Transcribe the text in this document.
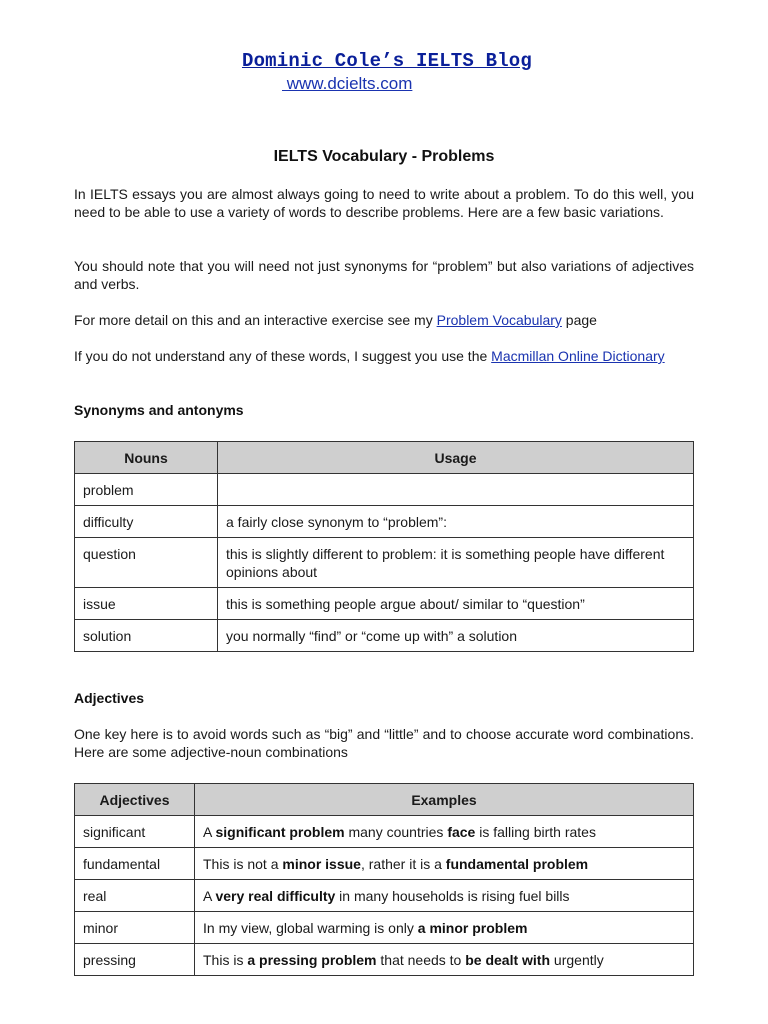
Dominic Cole’s IELTS Blog
www.dcielts.com
IELTS Vocabulary - Problems
In IELTS essays you are almost always going to need to write about a problem. To do this well, you need to be able to use a variety of words to describe problems. Here are a few basic variations.
You should note that you will need not just synonyms for “problem” but also variations of adjectives and verbs.
For more detail on this and an interactive exercise see my Problem Vocabulary page
If you do not understand any of these words, I suggest you use the Macmillan Online Dictionary
Synonyms and antonyms
Nouns	Usage
problem	
difficulty	a fairly close synonym to “problem”:
question	this is slightly different to problem: it is something people have different opinions about
issue	this is something people argue about/ similar to “question”
solution	you normally “find” or “come up with” a solution
Adjectives
One key here is to avoid words such as “big” and “little” and to choose accurate word combinations. Here are some adjective-noun combinations
Adjectives	Examples
significant	A significant problem many countries face is falling birth rates
fundamental	This is not a minor issue, rather it is a fundamental problem
real	A very real difficulty in many households is rising fuel bills
minor	In my view, global warming is only a minor problem
pressing	This is a pressing problem that needs to be dealt with urgently
